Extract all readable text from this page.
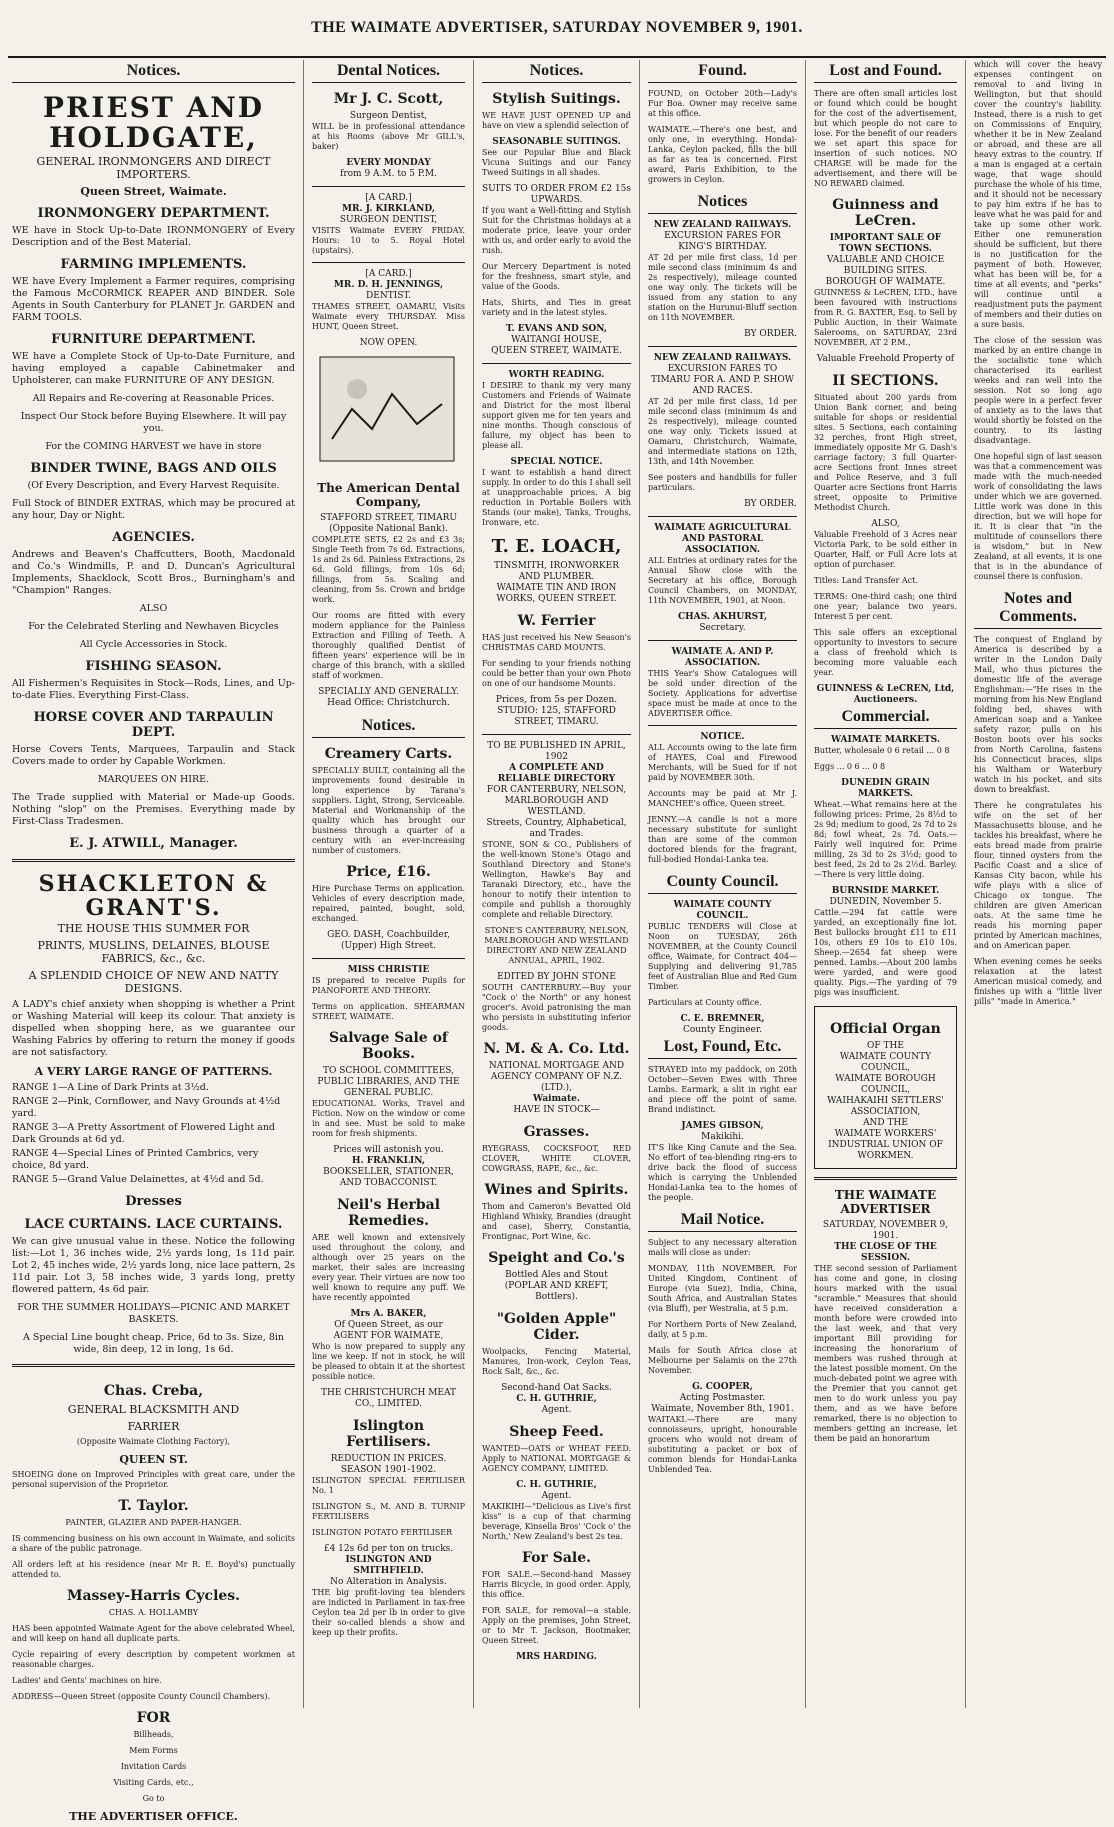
THE WAIMATE ADVERTISER, SATURDAY NOVEMBER 9, 1901.
Notices.
PRIEST AND HOLDGATE,
GENERAL IRONMONGERS AND DIRECT IMPORTERS.
Queen Street, Waimate.
IRONMONGERY DEPARTMENT.
WE have in Stock Up-to-Date IRONMONGERY of Every Description and of the Best Material.
FARMING IMPLEMENTS.
WE have Every Implement a Farmer requires, comprising the Famous McCORMICK REAPER AND BINDER. Sole Agents in South Canterbury for PLANET Jr. GARDEN and FARM TOOLS.
FURNITURE DEPARTMENT.
WE have a Complete Stock of Up-to-Date Furniture, and having employed a capable Cabinetmaker and Upholsterer, can make FURNITURE OF ANY DESIGN.
All Repairs and Re-covering at Reasonable Prices.
Inspect Our Stock before Buying Elsewhere. It will pay you.
For the COMING HARVEST we have in store
BINDER TWINE, BAGS AND OILS
(Of Every Description, and Every Harvest Requisite.
Full Stock of BINDER EXTRAS, which may be procured at any hour, Day or Night.
AGENCIES.
Andrews and Beaven's Chaffcutters, Booth, Macdonald and Co.'s Windmills, P. and D. Duncan's Agricultural Implements, Shacklock, Scott Bros., Burningham's and "Champion" Ranges.
ALSO
For the Celebrated Sterling and Newhaven Bicycles
All Cycle Accessories in Stock.
FISHING SEASON.
All Fishermen's Requisites in Stock—Rods, Lines, and Up-to-date Flies. Everything First-Class.
HORSE COVER AND TARPAULIN DEPT.
Horse Covers Tents, Marquees, Tarpaulin and Stack Covers made to order by Capable Workmen.
MARQUEES ON HIRE.
The Trade supplied with Material or Made-up Goods. Nothing "slop" on the Premises. Everything made by First-Class Tradesmen.
E. J. ATWILL, Manager.
SHACKLETON & GRANT'S.
THE HOUSE THIS SUMMER FOR
PRINTS, MUSLINS, DELAINES, BLOUSE FABRICS, &c., &c.
A SPLENDID CHOICE OF NEW AND NATTY DESIGNS.
A LADY's chief anxiety when shopping is whether a Print or Washing Material will keep its colour. That anxiety is dispelled when shopping here, as we guarantee our Washing Fabrics by offering to return the money if goods are not satisfactory.
A VERY LARGE RANGE OF PATTERNS.
RANGE 1—A Line of Dark Prints at 3½d.
RANGE 2—Pink, Cornflower, and Navy Grounds at 4½d yard.
RANGE 3—A Pretty Assortment of Flowered Light and Dark Grounds at 6d yd.
RANGE 4—Special Lines of Printed Cambrics, very choice, 8d yard.
RANGE 5—Grand Value Delainettes, at 4½d and 5d.
Dresses
LACE CURTAINS. LACE CURTAINS.
We can give unusual value in these. Notice the following list:—Lot 1, 36 inches wide, 2½ yards long, 1s 11d pair. Lot 2, 45 inches wide, 2½ yards long, nice lace pattern, 2s 11d pair. Lot 3, 58 inches wide, 3 yards long, pretty flowered pattern, 4s 6d pair.
FOR THE SUMMER HOLIDAYS—PICNIC AND MARKET BASKETS.
A Special Line bought cheap. Price, 6d to 3s. Size, 8in wide, 8in deep, 12 in long, 1s 6d.
Chas. Creba,
GENERAL BLACKSMITH AND
FARRIER
(Opposite Waimate Clothing Factory),
QUEEN ST.
SHOEING done on Improved Principles with great care, under the personal supervision of the Proprietor.
T. Taylor.
PAINTER, GLAZIER AND PAPER-HANGER.
IS commencing business on his own account in Waimate, and solicits a share of the public patronage.
All orders left at his residence (near Mr R. E. Boyd's) punctually attended to.
Massey-Harris Cycles.
CHAS. A. HOLLAMBY
HAS been appointed Waimate Agent for the above celebrated Wheel, and will keep on hand all duplicate parts.
Cycle repairing of every description by competent workmen at reasonable charges.
Ladies' and Gents' machines on hire.
ADDRESS—Queen Street (opposite County Council Chambers).
FOR
Billheads,
Mem Forms
Invitation Cards
Visiting Cards, etc.,
Go to
THE ADVERTISER OFFICE.
Dental Notices.
Mr J. C. Scott,
Surgeon Dentist,
WILL be in professional attendance at his Rooms (above Mr GILL's, baker)
EVERY MONDAY
from 9 A.M. to 5 P.M.
[A CARD.]
MR. J. KIRKLAND,
SURGEON DENTIST,
VISITS Waimate EVERY FRIDAY. Hours: 10 to 5. Royal Hotel (upstairs).
[A CARD.]
MR. D. H. JENNINGS,
DENTIST.
THAMES STREET, OAMARU, Visits Waimate every THURSDAY. Miss HUNT, Queen Street.
NOW OPEN.
The American Dental Company,
STAFFORD STREET, TIMARU
(Opposite National Bank).
COMPLETE SETS, £2 2s and £3 3s; Single Teeth from 7s 6d. Extractions, 1s and 2s 6d. Painless Extractions, 2s 6d. Gold fillings, from 10s 6d; fillings, from 5s. Scaling and cleaning, from 5s. Crown and bridge work.
Our rooms are fitted with every modern appliance for the Painless Extraction and Filling of Teeth. A thoroughly qualified Dentist of fifteen years' experience will be in charge of this branch, with a skilled staff of workmen.
SPECIALLY AND GENERALLY.
Head Office: Christchurch.
Notices.
Creamery Carts.
SPECIALLY BUILT, containing all the improvements found desirable in long experience by Tarana's suppliers. Light, Strong, Serviceable. Material and Workmanship of the quality which has brought our business through a quarter of a century with an ever-increasing number of customers.
Price, £16.
Hire Purchase Terms on application. Vehicles of every description made, repaired, painted, bought, sold, exchanged.
GEO. DASH, Coachbuilder,
(Upper) High Street.
MISS CHRISTIE
IS prepared to receive Pupils for PIANOFORTE AND THEORY.
Terms on application. SHEARMAN STREET, WAIMATE.
Salvage Sale of Books.
TO SCHOOL COMMITTEES, PUBLIC LIBRARIES, AND THE GENERAL PUBLIC.
EDUCATIONAL Works, Travel and Fiction. Now on the window or come in and see. Must be sold to make room for fresh shipments.
Prices will astonish you.
H. FRANKLIN,
BOOKSELLER, STATIONER, AND TOBACCONIST.
Neil's Herbal Remedies.
ARE well known and extensively used throughout the colony, and although over 25 years on the market, their sales are increasing every year. Their virtues are now too well known to require any puff. We have recently appointed
Mrs A. BAKER,
Of Queen Street, as our
AGENT FOR WAIMATE,
Who is now prepared to supply any line we keep. If not in stock, he will be pleased to obtain it at the shortest possible notice.
THE CHRISTCHURCH MEAT CO., LIMITED.
Islington Fertilisers.
REDUCTION IN PRICES.
SEASON 1901-1902.
ISLINGTON SPECIAL FERTILISER No. 1
ISLINGTON S., M. AND B. TURNIP FERTILISERS
ISLINGTON POTATO FERTILISER
£4 12s 6d per ton on trucks.
ISLINGTON AND SMITHFIELD.
No Alteration in Analysis.
THE big profit-loving tea blenders are indicted in Parliament in tax-free Ceylon tea 2d per lb in order to give their so-called blends a show and keep up their profits.
Notices.
Stylish Suitings.
WE HAVE JUST OPENED UP and have on view a splendid selection of
SEASONABLE SUITINGS.
See our Popular Blue and Black Vicuna Suitings and our Fancy Tweed Suitings in all shades.
SUITS TO ORDER FROM £2 15s UPWARDS.
If you want a Well-fitting and Stylish Suit for the Christmas holidays at a moderate price, leave your order with us, and order early to avoid the rush.
Our Mercery Department is noted for the freshness, smart style, and value of the Goods.
Hats, Shirts, and Ties in great variety and in the latest styles.
T. EVANS AND SON,
WAITANGI HOUSE,
QUEEN STREET, WAIMATE.
WORTH READING.
I DESIRE to thank my very many Customers and Friends of Waimate and District for the most liberal support given me for ten years and nine months. Though conscious of failure, my object has been to please all.
SPECIAL NOTICE.
I want to establish a hand direct supply. In order to do this I shall sell at unapproachable prices. A big reduction in Portable Boilers with Stands (our make), Tanks, Troughs, Ironware, etc.
T. E. LOACH,
TINSMITH, IRONWORKER AND PLUMBER.
WAIMATE TIN AND IRON WORKS, QUEEN STREET.
W. Ferrier
HAS just received his New Season's CHRISTMAS CARD MOUNTS.
For sending to your friends nothing could be better than your own Photo on one of our handsome Mounts.
Prices, from 5s per Dozen.
STUDIO: 125, STAFFORD STREET, TIMARU.
TO BE PUBLISHED IN APRIL, 1902
A COMPLETE AND RELIABLE DIRECTORY
FOR CANTERBURY, NELSON, MARLBOROUGH AND WESTLAND.
Streets, Country, Alphabetical, and Trades.
STONE, SON & CO., Publishers of the well-known Stone's Otago and Southland Directory and Stone's Wellington, Hawke's Bay and Taranaki Directory, etc., have the honour to notify their intention to compile and publish a thoroughly complete and reliable Directory.
STONE'S CANTERBURY, NELSON, MARLBOROUGH AND WESTLAND DIRECTORY AND NEW ZEALAND ANNUAL, APRIL, 1902.
EDITED BY JOHN STONE
SOUTH CANTERBURY.—Buy your "Cock o' the North" or any honest grocer's. Avoid patronising the man who persists in substituting inferior goods.
N. M. & A. Co. Ltd.
NATIONAL MORTGAGE AND AGENCY COMPANY OF N.Z. (LTD.),
Waimate.
HAVE IN STOCK—
Grasses.
RYEGRASS, COCKSFOOT, RED CLOVER, WHITE CLOVER, COWGRASS, RAPE, &c., &c.
Wines and Spirits.
Thom and Cameron's Bevatted Old Highland Whisky, Brandies (draught and case), Sherry, Constantia, Frontignac, Port Wine, &c.
Speight and Co.'s
Bottled Ales and Stout
(POPLAR AND KREFT, Bottlers).
"Golden Apple" Cider.
Woolpacks, Fencing Material, Manures, Iron-work, Ceylon Teas, Rock Salt, &c., &c.
Second-hand Oat Sacks.
C. H. GUTHRIE,
Agent.
Sheep Feed.
WANTED—OATS or WHEAT FEED. Apply to NATIONAL MORTGAGE & AGENCY COMPANY, LIMITED.
C. H. GUTHRIE,
Agent.
MAKIKIHI—"Delicious as Live's first kiss" is a cup of that charming beverage, Kinsella Bros' 'Cock o' the North,' New Zealand's best 2s tea.
For Sale.
FOR SALE.—Second-hand Massey Harris Bicycle, in good order. Apply, this office.
FOR SALE, for removal—a stable. Apply on the premises, John Street, or to Mr T. Jackson, Bootmaker, Queen Street.
MRS HARDING.
Found.
FOUND, on October 20th—Lady's Fur Boa. Owner may receive same at this office.
WAIMATE.—There's one best, and only one, in everything. Hondai-Lanka, Ceylon packed, fills the bill as far as tea is concerned. First award, Paris Exhibition, to the growers in Ceylon.
Notices
NEW ZEALAND RAILWAYS.
EXCURSION FARES FOR KING'S BIRTHDAY.
AT 2d per mile first class, 1d per mile second class (minimum 4s and 2s respectively), mileage counted one way only. The tickets will be issued from any station to any station on the Hurunui-Bluff section on 11th NOVEMBER.
BY ORDER.
NEW ZEALAND RAILWAYS.
EXCURSION FARES TO TIMARU FOR A. AND P. SHOW AND RACES.
AT 2d per mile first class, 1d per mile second class (minimum 4s and 2s respectively), mileage counted one way only. Tickets issued at Oamaru, Christchurch, Waimate, and intermediate stations on 12th, 13th, and 14th November.
See posters and handbills for fuller particulars.
BY ORDER.
WAIMATE AGRICULTURAL AND PASTORAL ASSOCIATION.
ALL Entries at ordinary rates for the Annual Show close with the Secretary at his office, Borough Council Chambers, on MONDAY, 11th NOVEMBER, 1901, at Noon.
CHAS. AKHURST,
Secretary.
WAIMATE A. AND P. ASSOCIATION.
THIS Year's Show Catalogues will be sold under direction of the Society. Applications for advertise space must be made at once to the ADVERTISER Office.
NOTICE.
ALL Accounts owing to the late firm of HAYES, Coal and Firewood Merchants, will be Sued for if not paid by NOVEMBER 30th.
Accounts may be paid at Mr J. MANCHEE's office, Queen street.
JENNY.—A candle is not a more necessary substitute for sunlight than are some of the common doctored blends for the fragrant, full-bodied Hondai-Lanka tea.
County Council.
WAIMATE COUNTY COUNCIL.
PUBLIC TENDERS will Close at Noon on TUESDAY, 26th NOVEMBER, at the County Council office, Waimate, for Contract 404—Supplying and delivering 91,785 feet of Australian Blue and Red Gum Timber.
Particulars at County office.
C. E. BREMNER,
County Engineer.
Lost, Found, Etc.
STRAYED into my paddock, on 20th October—Seven Ewes with Three Lambs. Earmark, a slit in right ear and piece off the point of same. Brand indistinct.
JAMES GIBSON,
Makikihi.
IT'S like King Canute and the Sea. No effort of tea-blending ring-ers to drive back the flood of success which is carrying the Unblended Hondai-Lanka tea to the homes of the people.
Mail Notice.
Subject to any necessary alteration mails will close as under:
MONDAY, 11th NOVEMBER. For United Kingdom, Continent of Europe (via Suez), India, China, South Africa, and Australian States (via Bluff), per Westralia, at 5 p.m.
For Northern Ports of New Zealand, daily, at 5 p.m.
Mails for South Africa close at Melbourne per Salamis on the 27th November.
G. COOPER,
Acting Postmaster.
Waimate, November 8th, 1901.
WAITAKI.—There are many connoisseurs, upright, honourable grocers who would not dream of substituting a packet or box of common blends for Hondai-Lanka Unblended Tea.
Lost and Found.
There are often small articles lost or found which could be bought for the cost of the advertisement, but which people do not care to lose. For the benefit of our readers we set apart this space for insertion of such notices. NO CHARGE will be made for the advertisement, and there will be NO REWARD claimed.
Guinness and LeCren.
IMPORTANT SALE OF TOWN SECTIONS.
VALUABLE AND CHOICE BUILDING SITES.
BOROUGH OF WAIMATE.
GUINNESS & LeCREN, LTD., have been favoured with instructions from R. G. BAXTER, Esq. to Sell by Public Auction, in their Waimate Salerooms, on SATURDAY, 23rd NOVEMBER, AT 2 P.M.,
Valuable Freehold Property of
II SECTIONS.
Situated about 200 yards from Union Bank corner, and being suitable for shops or residential sites. 5 Sections, each containing 32 perches, front High street, immediately opposite Mr G. Dash's carriage factory; 3 full Quarter-acre Sections front Innes street and Police Reserve, and 3 full Quarter acre Sections front Harris street, opposite to Primitive Methodist Church.
ALSO,
Valuable Freehold of 3 Acres near Victoria Park, to be sold either in Quarter, Half, or Full Acre lots at option of purchaser.
Titles: Land Transfer Act.
TERMS: One-third cash; one third one year; balance two years. Interest 5 per cent.
This sale offers an exceptional opportunity to investors to secure a class of freehold which is becoming more valuable each year.
GUINNESS & LeCREN, Ltd, Auctioneers.
Commercial.
WAIMATE MARKETS.
Butter, wholesale 0 6 retail ... 0 8
Eggs ... 0 6 ... 0 8
DUNEDIN GRAIN MARKETS.
Wheat.—What remains here at the following prices: Prime, 2s 8½d to 2s 9d; medium to good, 2s 7d to 2s 8d; fowl wheat, 2s 7d. Oats.—Fairly well inquired for. Prime milling, 2s 3d to 2s 3½d; good to best feed, 2s 2d to 2s 2½d. Barley.—There is very little doing.
BURNSIDE MARKET.
DUNEDIN, November 5.
Cattle.—294 fat cattle were yarded, an exceptionally fine lot. Best bullocks brought £11 to £11 10s, others £9 10s to £10 10s. Sheep.—2654 fat sheep were penned. Lambs.—About 200 lambs were yarded, and were good quality. Pigs.—The yarding of 79 pigs was insufficient.
Official Organ
OF THE
WAIMATE COUNTY COUNCIL,
WAIMATE BOROUGH COUNCIL,
WAIHAKAIHI SETTLERS' ASSOCIATION,
AND THE
WAIMATE WORKERS' INDUSTRIAL UNION OF WORKMEN.
THE WAIMATE ADVERTISER
SATURDAY, NOVEMBER 9, 1901.
THE CLOSE OF THE SESSION.
THE second session of Parliament has come and gone, in closing hours marked with the usual "scramble." Measures that should have received consideration a month before were crowded into the last week, and that very important Bill providing for increasing the honorarium of members was rushed through at the latest possible moment. On the much-debated point we agree with the Premier that you cannot get men to do work unless you pay them, and as we have before remarked, there is no objection to members getting an increase, let them be paid an honorarium
which will cover the heavy expenses contingent on removal to and living in Wellington, but that should cover the country's liability. Instead, there is a rush to get on Commissions of Enquiry, whether it be in New Zealand or abroad, and these are all heavy extras to the country. If a man is engaged at a certain wage, that wage should purchase the whole of his time, and it should not be necessary to pay him extra if he has to leave what he was paid for and take up some other work. Either one remuneration should be sufficient, but there is no justification for the payment of both. However, what has been will be, for a time at all events, and "perks" will continue until a readjustment puts the payment of members and their duties on a sure basis.
The close of the session was marked by an entire change in the socialistic tone which characterised its earliest weeks and ran well into the session. Not so long ago people were in a perfect fever of anxiety as to the laws that would shortly be foisted on the country, to its lasting disadvantage.
One hopeful sign of last season was that a commencement was made with the much-needed work of consolidating the laws under which we are governed. Little work was done in this direction, but we will hope for it. It is clear that "in the multitude of counsellors there is wisdom," but in New Zealand, at all events, it is one that is in the abundance of counsel there is confusion.
Notes and Comments.
The conquest of England by America is described by a writer in the London Daily Mail, who thus pictures the domestic life of the average Englishman:—"He rises in the morning from his New England folding bed, shaves with American soap and a Yankee safety razor, pulls on his Boston boots over his socks from North Carolina, fastens his Connecticut braces, slips his Waltham or Waterbury watch in his pocket, and sits down to breakfast.
There he congratulates his wife on the set of her Massachusetts blouse, and he tackles his breakfast, where he eats bread made from prairie flour, tinned oysters from the Pacific Coast and a slice of Kansas City bacon, while his wife plays with a slice of Chicago ox tongue. The children are given American oats. At the same time he reads his morning paper printed by American machines, and on American paper.
When evening comes he seeks relaxation at the latest American musical comedy, and finishes up with a "little liver pills" "made in America."
